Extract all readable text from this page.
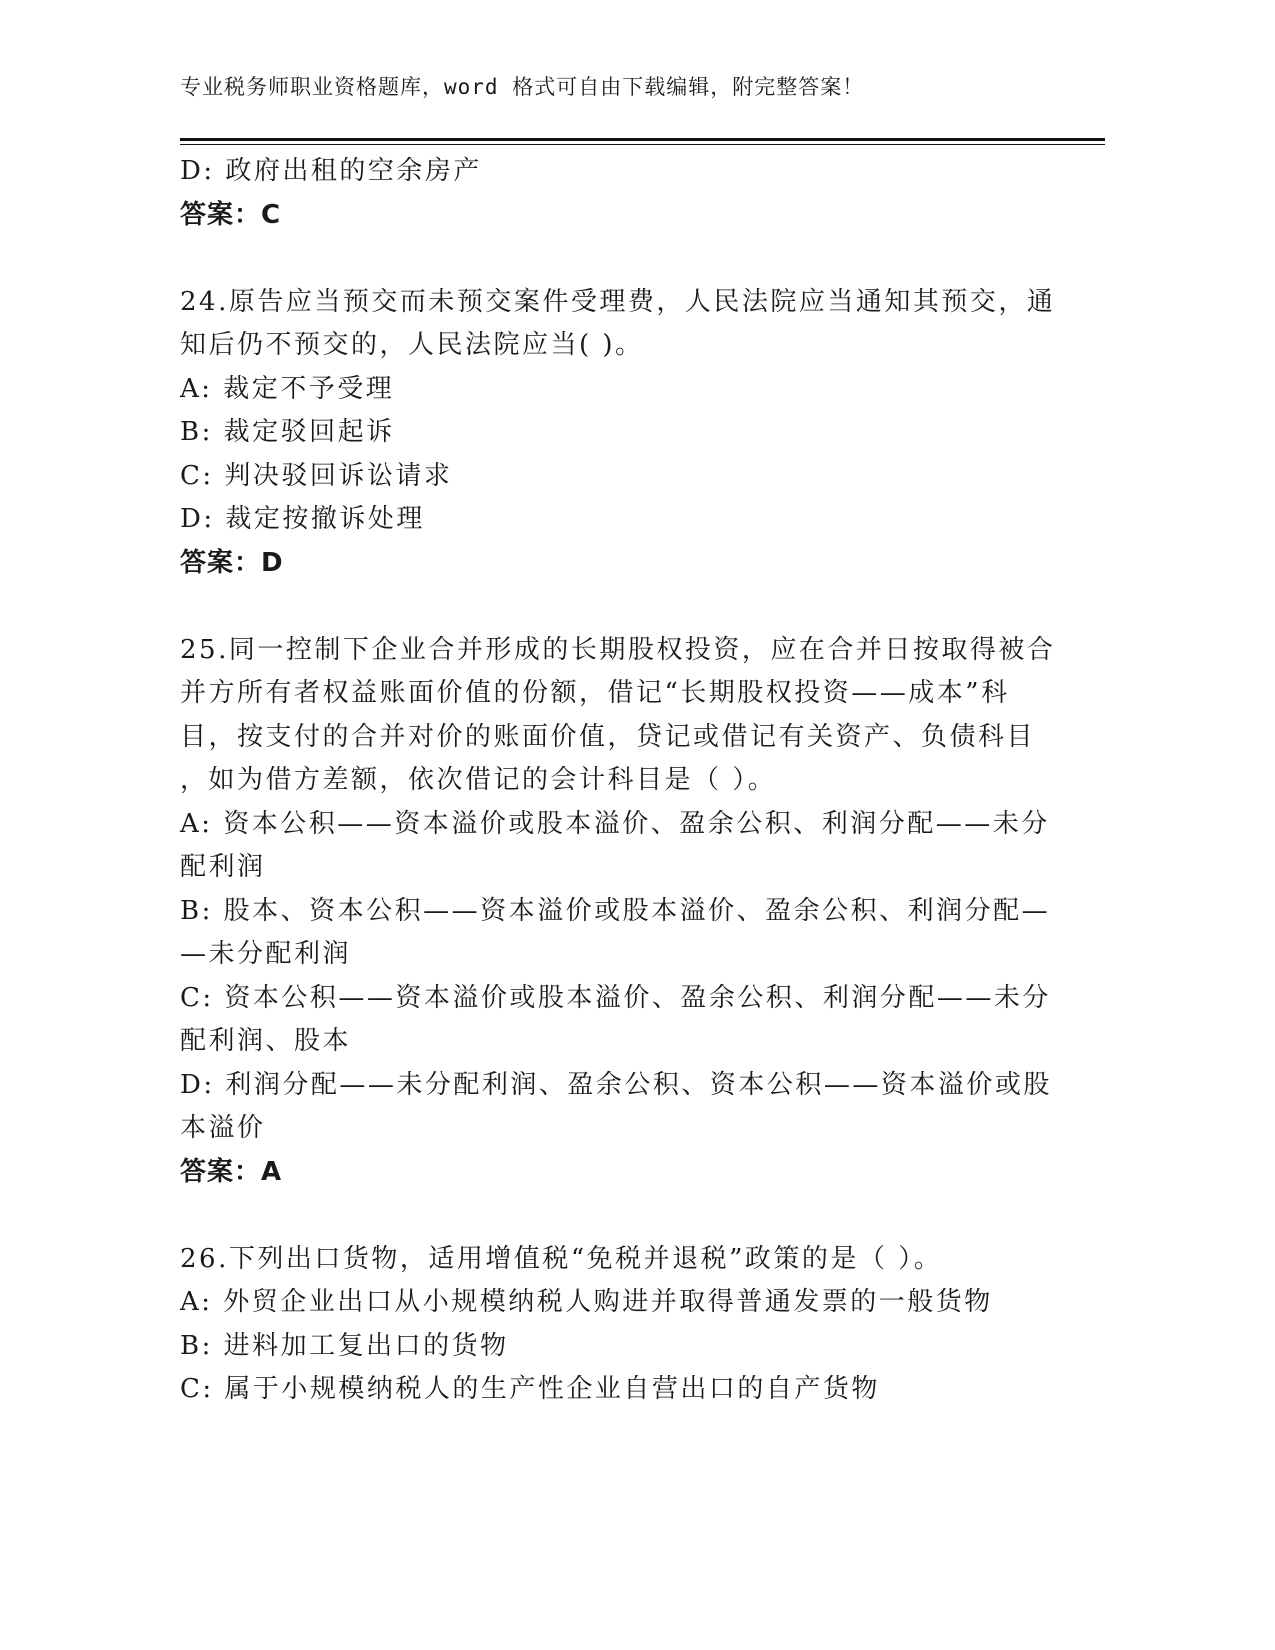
专业税务师职业资格题库，word 格式可自由下载编辑，附完整答案！
D: 政府出租的空余房产
答案：C
24.原告应当预交而未预交案件受理费，人民法院应当通知其预交，通
知后仍不预交的，人民法院应当( )。
A: 裁定不予受理
B: 裁定驳回起诉
C: 判决驳回诉讼请求
D: 裁定按撤诉处理
答案：D
25.同一控制下企业合并形成的长期股权投资，应在合并日按取得被合
并方所有者权益账面价值的份额，借记“长期股权投资——成本”科
目，按支付的合并对价的账面价值，贷记或借记有关资产、负债科目
，如为借方差额，依次借记的会计科目是（ ）。
A: 资本公积——资本溢价或股本溢价、盈余公积、利润分配——未分
配利润
B: 股本、资本公积——资本溢价或股本溢价、盈余公积、利润分配—
—未分配利润
C: 资本公积——资本溢价或股本溢价、盈余公积、利润分配——未分
配利润、股本
D: 利润分配——未分配利润、盈余公积、资本公积——资本溢价或股
本溢价
答案：A
26.下列出口货物，适用增值税“免税并退税”政策的是（ ）。
A: 外贸企业出口从小规模纳税人购进并取得普通发票的一般货物
B: 进料加工复出口的货物
C: 属于小规模纳税人的生产性企业自营出口的自产货物
